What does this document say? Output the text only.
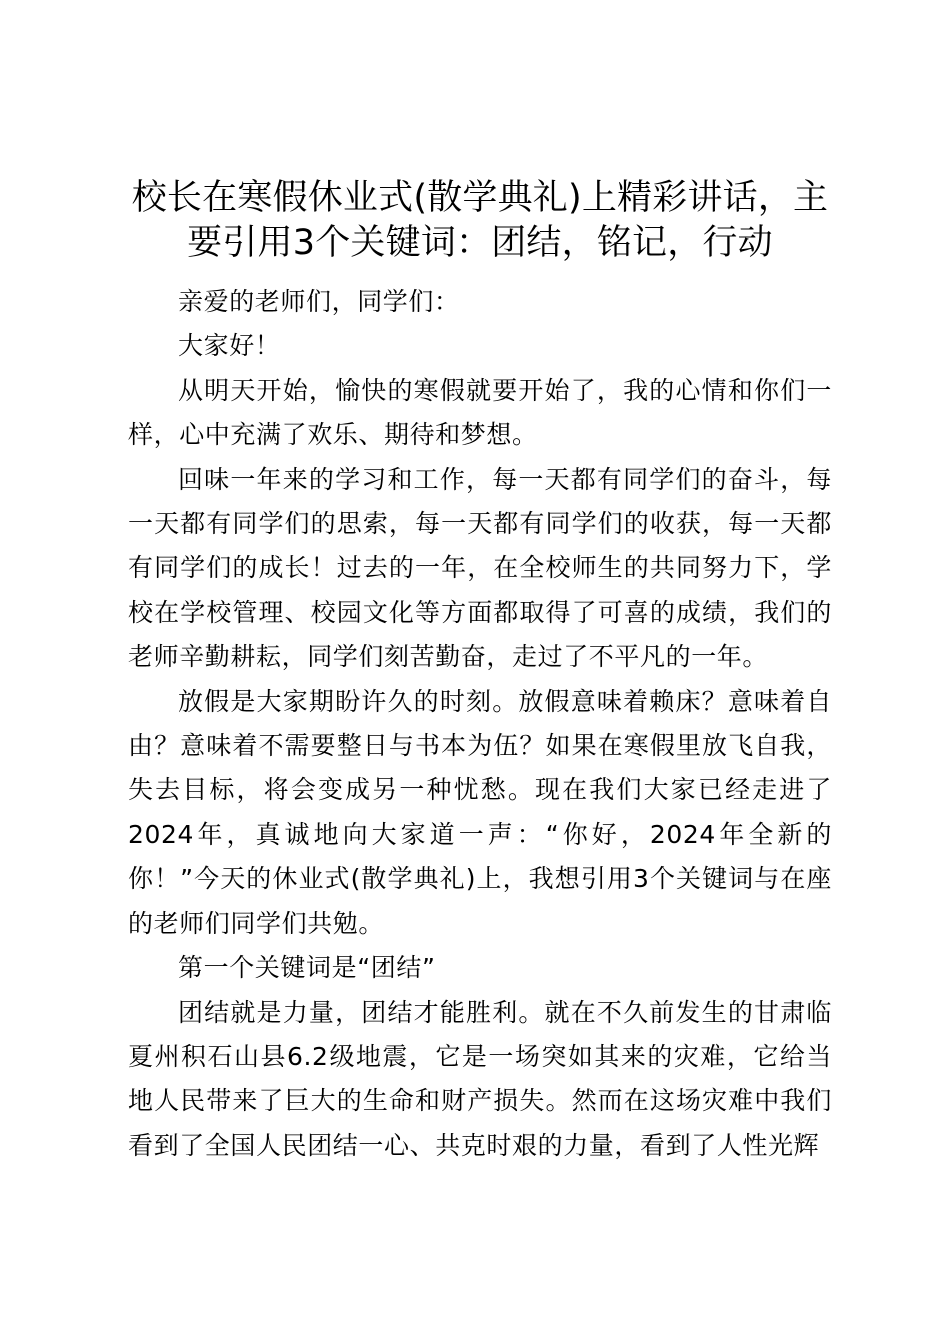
校长在寒假休业式(散学典礼)上精彩讲话，主要引用3个关键词：团结，铭记，行动

亲爱的老师们，同学们：

大家好！

从明天开始，愉快的寒假就要开始了，我的心情和你们一样，心中充满了欢乐、期待和梦想。

回味一年来的学习和工作，每一天都有同学们的奋斗，每一天都有同学们的思索，每一天都有同学们的收获，每一天都有同学们的成长！过去的一年，在全校师生的共同努力下，学校在学校管理、校园文化等方面都取得了可喜的成绩，我们的老师辛勤耕耘，同学们刻苦勤奋，走过了不平凡的一年。

放假是大家期盼许久的时刻。放假意味着赖床？意味着自由？意味着不需要整日与书本为伍？如果在寒假里放飞自我，失去目标，将会变成另一种忧愁。现在我们大家已经走进了2024年，真诚地向大家道一声：“你好，2024年全新的你！”今天的休业式(散学典礼)上，我想引用3个关键词与在座的老师们同学们共勉。

第一个关键词是“团结”

团结就是力量，团结才能胜利。就在不久前发生的甘肃临夏州积石山县6.2级地震，它是一场突如其来的灾难，它给当地人民带来了巨大的生命和财产损失。然而在这场灾难中我们看到了全国人民团结一心、共克时艰的力量，看到了人性光辉
